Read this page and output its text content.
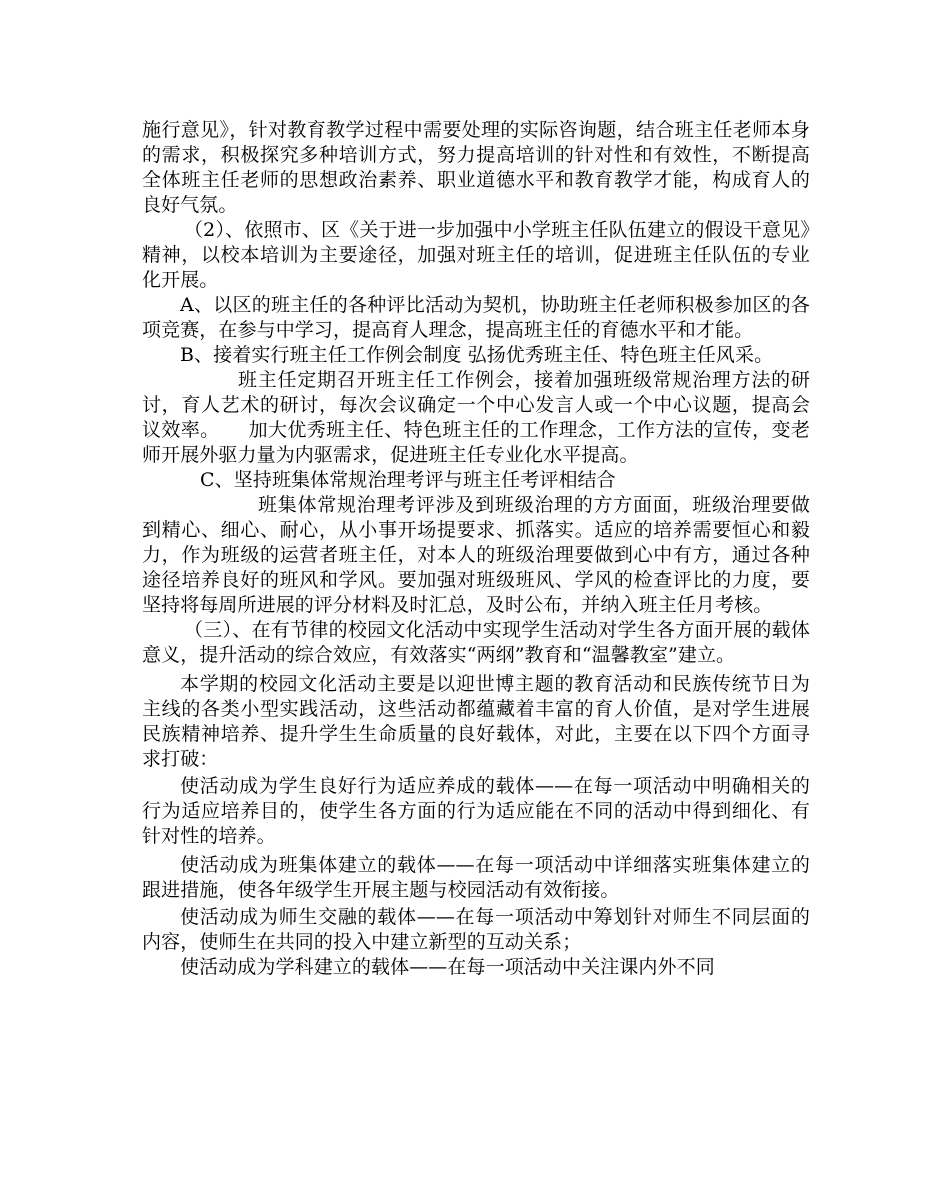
施行意见》，针对教育教学过程中需要处理的实际咨询题，结合班主任老师本身的需求，积极探究多种培训方式，努力提高培训的针对性和有效性，不断提高全体班主任老师的思想政治素养、职业道德水平和教育教学才能，构成育人的良好气氛。

（2）、依照市、区《关于进一步加强中小学班主任队伍建立的假设干意见》精神，以校本培训为主要途径，加强对班主任的培训，促进班主任队伍的专业化开展。

A、以区的班主任的各种评比活动为契机，协助班主任老师积极参加区的各项竞赛，在参与中学习，提高育人理念，提高班主任的育德水平和才能。

B、接着实行班主任工作例会制度 弘扬优秀班主任、特色班主任风采。

班主任定期召开班主任工作例会，接着加强班级常规治理方法的研讨，育人艺术的研讨，每次会议确定一个中心发言人或一个中心议题，提高会议效率。　　加大优秀班主任、特色班主任的工作理念，工作方法的宣传，变老师开展外驱力量为内驱需求，促进班主任专业化水平提高。

C、坚持班集体常规治理考评与班主任考评相结合

班集体常规治理考评涉及到班级治理的方方面面，班级治理要做到精心、细心、耐心，从小事开场提要求、抓落实。适应的培养需要恒心和毅力，作为班级的运营者班主任，对本人的班级治理要做到心中有方，通过各种途径培养良好的班风和学风。要加强对班级班风、学风的检查评比的力度，要坚持将每周所进展的评分材料及时汇总，及时公布，并纳入班主任月考核。

（三）、在有节律的校园文化活动中实现学生活动对学生各方面开展的载体意义，提升活动的综合效应，有效落实“两纲”教育和“温馨教室”建立。

本学期的校园文化活动主要是以迎世博主题的教育活动和民族传统节日为主线的各类小型实践活动，这些活动都蕴藏着丰富的育人价值，是对学生进展民族精神培养、提升学生生命质量的良好载体，对此，主要在以下四个方面寻求打破：

使活动成为学生良好行为适应养成的载体——在每一项活动中明确相关的行为适应培养目的，使学生各方面的行为适应能在不同的活动中得到细化、有针对性的培养。

使活动成为班集体建立的载体——在每一项活动中详细落实班集体建立的跟进措施，使各年级学生开展主题与校园活动有效衔接。

使活动成为师生交融的载体——在每一项活动中筹划针对师生不同层面的内容，使师生在共同的投入中建立新型的互动关系；

使活动成为学科建立的载体——在每一项活动中关注课内外不同
